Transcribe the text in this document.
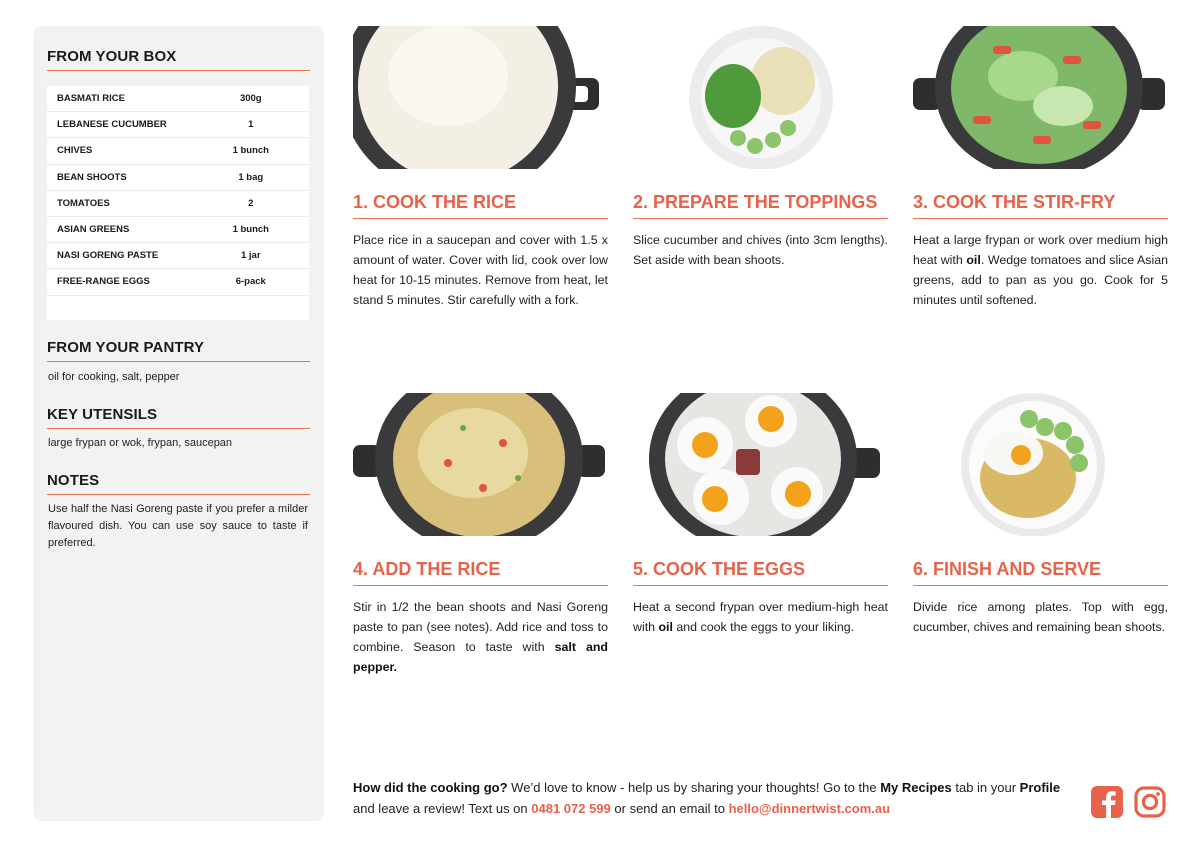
FROM YOUR BOX
BASMATI RICE	300g
LEBANESE CUCUMBER	1
CHIVES	1 bunch
BEAN SHOOTS	1 bag
TOMATOES	2
ASIAN GREENS	1 bunch
NASI GORENG PASTE	1 jar
FREE-RANGE EGGS	6-pack
FROM YOUR PANTRY
oil for cooking, salt, pepper
KEY UTENSILS
large frypan or wok, frypan, saucepan
NOTES
Use half the Nasi Goreng paste if you prefer a milder flavoured dish. You can use soy sauce to taste if preferred.
1. COOK THE RICE
Place rice in a saucepan and cover with 1.5 x amount of water. Cover with lid, cook over low heat for 10-15 minutes. Remove from heat, let stand 5 minutes. Stir carefully with a fork.
2. PREPARE THE TOPPINGS
Slice cucumber and chives (into 3cm lengths). Set aside with bean shoots.
3. COOK THE STIR-FRY
Heat a large frypan or work over medium high heat with oil. Wedge tomatoes and slice Asian greens, add to pan as you go. Cook for 5 minutes until softened.
4. ADD THE RICE
Stir in 1/2 the bean shoots and Nasi Goreng paste to pan (see notes). Add rice and toss to combine. Season to taste with salt and pepper.
5. COOK THE EGGS
Heat a second frypan over medium-high heat with oil and cook the eggs to your liking.
6. FINISH AND SERVE
Divide rice among plates. Top with egg, cucumber, chives and remaining bean shoots.
How did the cooking go? We’d love to know - help us by sharing your thoughts! Go to the My Recipes tab in your Profile and leave a review! Text us on 0481 072 599 or send an email to hello@dinnertwist.com.au
